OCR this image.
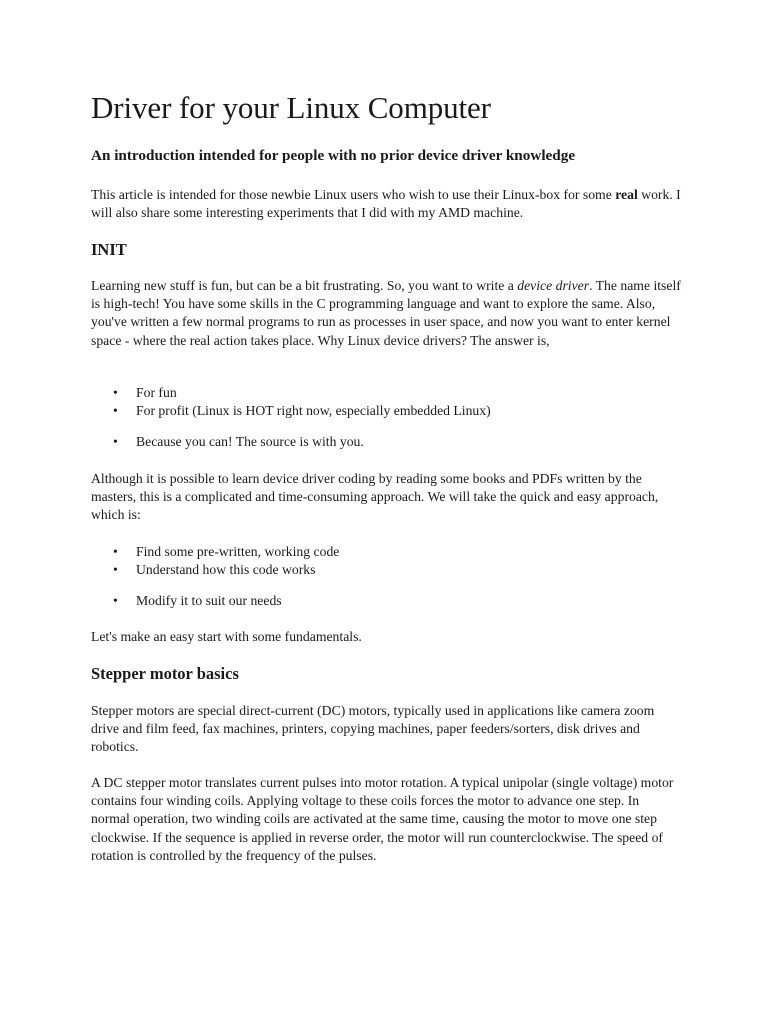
Driver for your Linux Computer
An introduction intended for people with no prior device driver knowledge

This article is intended for those newbie Linux users who wish to use their Linux-box for some real work. I will also share some interesting experiments that I did with my AMD machine.

INIT

Learning new stuff is fun, but can be a bit frustrating. So, you want to write a device driver. The name itself is high-tech! You have some skills in the C programming language and want to explore the same. Also, you've written a few normal programs to run as processes in user space, and now you want to enter kernel space - where the real action takes place. Why Linux device drivers? The answer is,

• For fun
• For profit (Linux is HOT right now, especially embedded Linux)
• Because you can! The source is with you.

Although it is possible to learn device driver coding by reading some books and PDFs written by the masters, this is a complicated and time-consuming approach. We will take the quick and easy approach, which is:

• Find some pre-written, working code
• Understand how this code works
• Modify it to suit our needs

Let's make an easy start with some fundamentals.

Stepper motor basics

Stepper motors are special direct-current (DC) motors, typically used in applications like camera zoom drive and film feed, fax machines, printers, copying machines, paper feeders/sorters, disk drives and robotics.

A DC stepper motor translates current pulses into motor rotation. A typical unipolar (single voltage) motor contains four winding coils. Applying voltage to these coils forces the motor to advance one step. In normal operation, two winding coils are activated at the same time, causing the motor to move one step clockwise. If the sequence is applied in reverse order, the motor will run counterclockwise. The speed of rotation is controlled by the frequency of the pulses.
